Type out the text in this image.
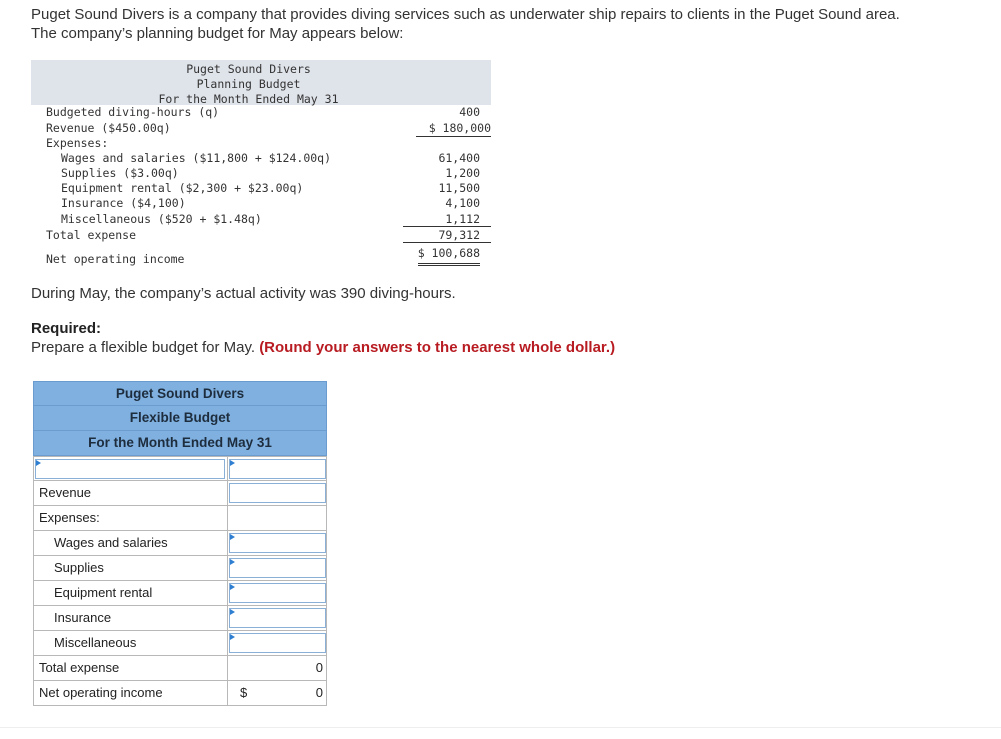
Puget Sound Divers is a company that provides diving services such as underwater ship repairs to clients in the Puget Sound area.

The company’s planning budget for May appears below:

Puget Sound Divers
Planning Budget
For the Month Ended May 31
Budgeted diving-hours (q)	400
Revenue ($450.00q)	$ 180,000
Expenses:
Wages and salaries ($11,800 + $124.00q)	61,400
Supplies ($3.00q)	1,200
Equipment rental ($2,300 + $23.00q)	11,500
Insurance ($4,100)	4,100
Miscellaneous ($520 + $1.48q)	1,112
Total expense	79,312
Net operating income	$ 100,688
During May, the company’s actual activity was 390 diving-hours.
Required:
Prepare a flexible budget for May. (Round your answers to the nearest whole dollar.)
Puget Sound Divers
Flexible Budget
For the Month Ended May 31
Revenue
Expenses:
Wages and salaries
Supplies
Equipment rental
Insurance
Miscellaneous
Total expense	0
Net operating income	$	0
